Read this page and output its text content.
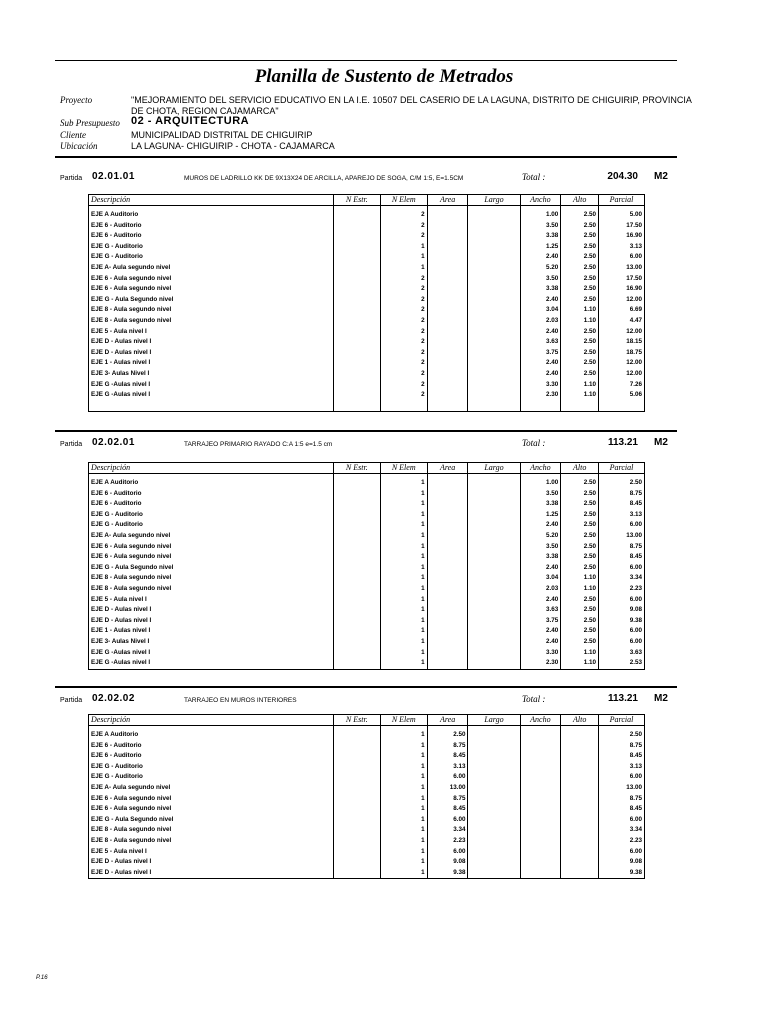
Planilla de Sustento de Metrados
Proyecto	"MEJORAMIENTO DEL SERVICIO EDUCATIVO EN LA I.E. 10507 DEL CASERIO DE LA LAGUNA, DISTRITO DE CHIGUIRIP, PROVINCIA
DE CHOTA, REGION CAJAMARCA"
Sub Presupuesto 02 - ARQUITECTURA
Cliente	MUNICIPALIDAD DISTRITAL DE CHIGUIRIP
Ubicación	LA LAGUNA- CHIGUIRIP - CHOTA - CAJAMARCA
Partida 02.01.01	MUROS DE LADRILLO KK DE 9X13X24 DE ARCILLA, APAREJO DE SOGA, C/M 1:5, E=1.5CM	Total :	204.30 M2
Descripción	N Estr.	N Elem	Area	Largo	Ancho	Alto	Parcial

EJE A Auditorio		2			1.00	2.50	5.00
EJE 6 - Auditorio		2			3.50	2.50	17.50
EJE 6 - Auditorio		2			3.38	2.50	16.90
EJE G - Auditorio		1			1.25	2.50	3.13
EJE G - Auditorio		1			2.40	2.50	6.00
EJE A- Aula segundo nivel		1			5.20	2.50	13.00
EJE 6 - Aula segundo nivel		2			3.50	2.50	17.50
EJE 6 - Aula segundo nivel		2			3.38	2.50	16.90
EJE G - Aula Segundo nivel		2			2.40	2.50	12.00
EJE 8 - Aula segundo nivel		2			3.04	1.10	6.69
EJE 8 - Aula segundo nivel		2			2.03	1.10	4.47
EJE 5 - Aula nivel I		2			2.40	2.50	12.00
EJE D - Aulas nivel I		2			3.63	2.50	18.15
EJE D - Aulas nivel I		2			3.75	2.50	18.75
EJE 1 - Aulas nivel I		2			2.40	2.50	12.00
EJE 3- Aulas Nivel I		2			2.40	2.50	12.00
EJE G -Aulas nivel I		2			3.30	1.10	7.26
EJE G -Aulas nivel I		2			2.30	1.10	5.06

Partida 02.02.01	TARRAJEO PRIMARIO RAYADO C:A 1:5 e=1.5 cm	Total :	113.21 M2
Descripción	N Estr.	N Elem	Area	Largo	Ancho	Alto	Parcial

EJE A Auditorio		1			1.00	2.50	2.50
EJE 6 - Auditorio		1			3.50	2.50	8.75
EJE 6 - Auditorio		1			3.38	2.50	8.45
EJE G - Auditorio		1			1.25	2.50	3.13
EJE G - Auditorio		1			2.40	2.50	6.00
EJE A- Aula segundo nivel		1			5.20	2.50	13.00
EJE 6 - Aula segundo nivel		1			3.50	2.50	8.75
EJE 6 - Aula segundo nivel		1			3.38	2.50	8.45
EJE G - Aula Segundo nivel		1			2.40	2.50	6.00
EJE 8 - Aula segundo nivel		1			3.04	1.10	3.34
EJE 8 - Aula segundo nivel		1			2.03	1.10	2.23
EJE 5 - Aula nivel I		1			2.40	2.50	6.00
EJE D - Aulas nivel I		1			3.63	2.50	9.08
EJE D - Aulas nivel I		1			3.75	2.50	9.38
EJE 1 - Aulas nivel I		1			2.40	2.50	6.00
EJE 3- Aulas Nivel I		1			2.40	2.50	6.00
EJE G -Aulas nivel I		1			3.30	1.10	3.63
EJE G -Aulas nivel I		1			2.30	1.10	2.53
Partida 02.02.02	TARRAJEO EN MUROS INTERIORES	Total :	113.21 M2
Descripción	N Estr.	N Elem	Area	Largo	Ancho	Alto	Parcial

EJE A Auditorio		1	2.50				2.50
EJE 6 - Auditorio		1	8.75				8.75
EJE 6 - Auditorio		1	8.45				8.45
EJE G - Auditorio		1	3.13				3.13
EJE G - Auditorio		1	6.00				6.00
EJE A- Aula segundo nivel		1	13.00				13.00
EJE 6 - Aula segundo nivel		1	8.75				8.75
EJE 6 - Aula segundo nivel		1	8.45				8.45
EJE G - Aula Segundo nivel		1	6.00				6.00
EJE 8 - Aula segundo nivel		1	3.34				3.34
EJE 8 - Aula segundo nivel		1	2.23				2.23
EJE 5 - Aula nivel I		1	6.00				6.00
EJE D - Aulas nivel I		1	9.08				9.08
EJE D - Aulas nivel I		1	9.38				9.38
P.16
